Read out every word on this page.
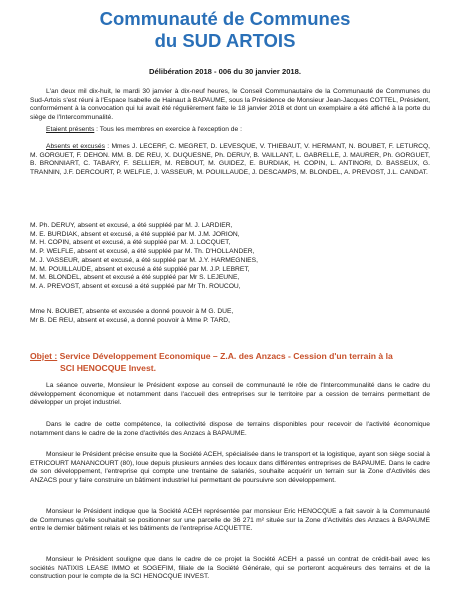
Communauté de Communes
du SUD ARTOIS
Délibération 2018 - 006 du 30 janvier 2018.
L'an deux mil dix-huit, le mardi 30 janvier à dix-neuf heures, le Conseil Communautaire de la Communauté de Communes du Sud-Artois s'est réuni à l'Espace Isabelle de Hainaut à BAPAUME, sous la Présidence de Monsieur Jean-Jacques COTTEL, Président, conformément à la convocation qui lui avait été régulièrement faite le 18 janvier 2018 et dont un exemplaire a été affiché à la porte du siège de l'Intercommunalité.
Etaient présents : Tous les membres en exercice à l'exception de :
Absents et excusés : Mmes J. LECERF, C. MEGRET, D. LEVESQUE, V. THIEBAUT, V. HERMANT, N. BOUBET, F. LETURCQ, M. GORGUET, F. DEHON. MM. B. DE REU, X. DUQUESNE, Ph. DERUY, B. VAILLANT, L. GABRELLE, J. MAURER, Ph. GORGUET, B. BRONNIART, C. TABARY, F. SELLIER, M. REBOUT, M. GUIDEZ, E. BURDIAK, H. COPIN, L. ANTINORI, D. BASSEUX, G. TRANNIN, J.F. DERCOURT, P. WELFLE, J. VASSEUR, M. POUILLAUDE, J. DESCAMPS, M. BLONDEL, A. PREVOST, J.L. CANDAT.
M. Ph. DERUY, absent et excusé, a été suppléé par M. J. LARDIER,
M. E. BURDIAK, absent et excusé, a été suppléé par M. J.M. JORION,
M. H. COPIN, absent et excusé, a été suppléé par M. J. LOCQUET,
M. P. WELFLE, absent et excusé, a été suppléé par M. Th. D'HOLLANDER,
M. J. VASSEUR, absent et excusé, a été suppléé par M. J.Y. HARMEGNIES,
M. M. POUILLAUDE, absent et excusé a été suppléé par M. J.P. LEBRET,
M. M. BLONDEL, absent et excusé a été suppléé par Mr S. LEJEUNE,
M. A. PREVOST, absent et excusé a été suppléé par Mr Th. ROUCOU,
Mme N. BOUBET, absente et excusée a donné pouvoir à M G. DUE,
Mr B. DE REU, absent et excusé, a donné pouvoir à Mme P. TARD,
Objet : Service Développement Economique – Z.A. des Anzacs - Cession d'un terrain à la
SCI HENOCQUE Invest.
La séance ouverte, Monsieur le Président expose au conseil de communauté le rôle de l'Intercommunalité dans le cadre du développement économique et notamment dans l'accueil des entreprises sur le territoire par a cession de terrains permettant de développer un projet industriel.
Dans le cadre de cette compétence, la collectivité dispose de terrains disponibles pour recevoir de l'activité économique notamment dans le cadre de la zone d'activités des Anzacs à BAPAUME.
Monsieur le Président précise ensuite que la Société ACEH, spécialisée dans le transport et la logistique, ayant son siège social à ETRICOURT MANANCOURT (80), loue depuis plusieurs années des locaux dans différentes entreprises de BAPAUME. Dans le cadre de son développement, l'entreprise qui compte une trentaine de salariés, souhaite acquérir un terrain sur la Zone d'Activités des ANZACS pour y faire construire un bâtiment industriel lui permettant de poursuivre son développement.
Monsieur le Président indique que la Société ACEH représentée par monsieur Eric HENOCQUE a fait savoir à la Communauté de Communes qu'elle souhaitait se positionner sur une parcelle de 36 271 m² située sur la Zone d'Activités des Anzacs à BAPAUME entre le dernier bâtiment relais et les bâtiments de l'entreprise ACQUETTE.
Monsieur le Président souligne que dans le cadre de ce projet la Société ACEH a passé un contrat de crédit-bail avec les sociétés NATIXIS LEASE IMMO et SOGEFIM, filiale de la Société Générale, qui se porteront acquéreurs des terrains et de la construction pour le compte de la SCI HENOCQUE INVEST.
